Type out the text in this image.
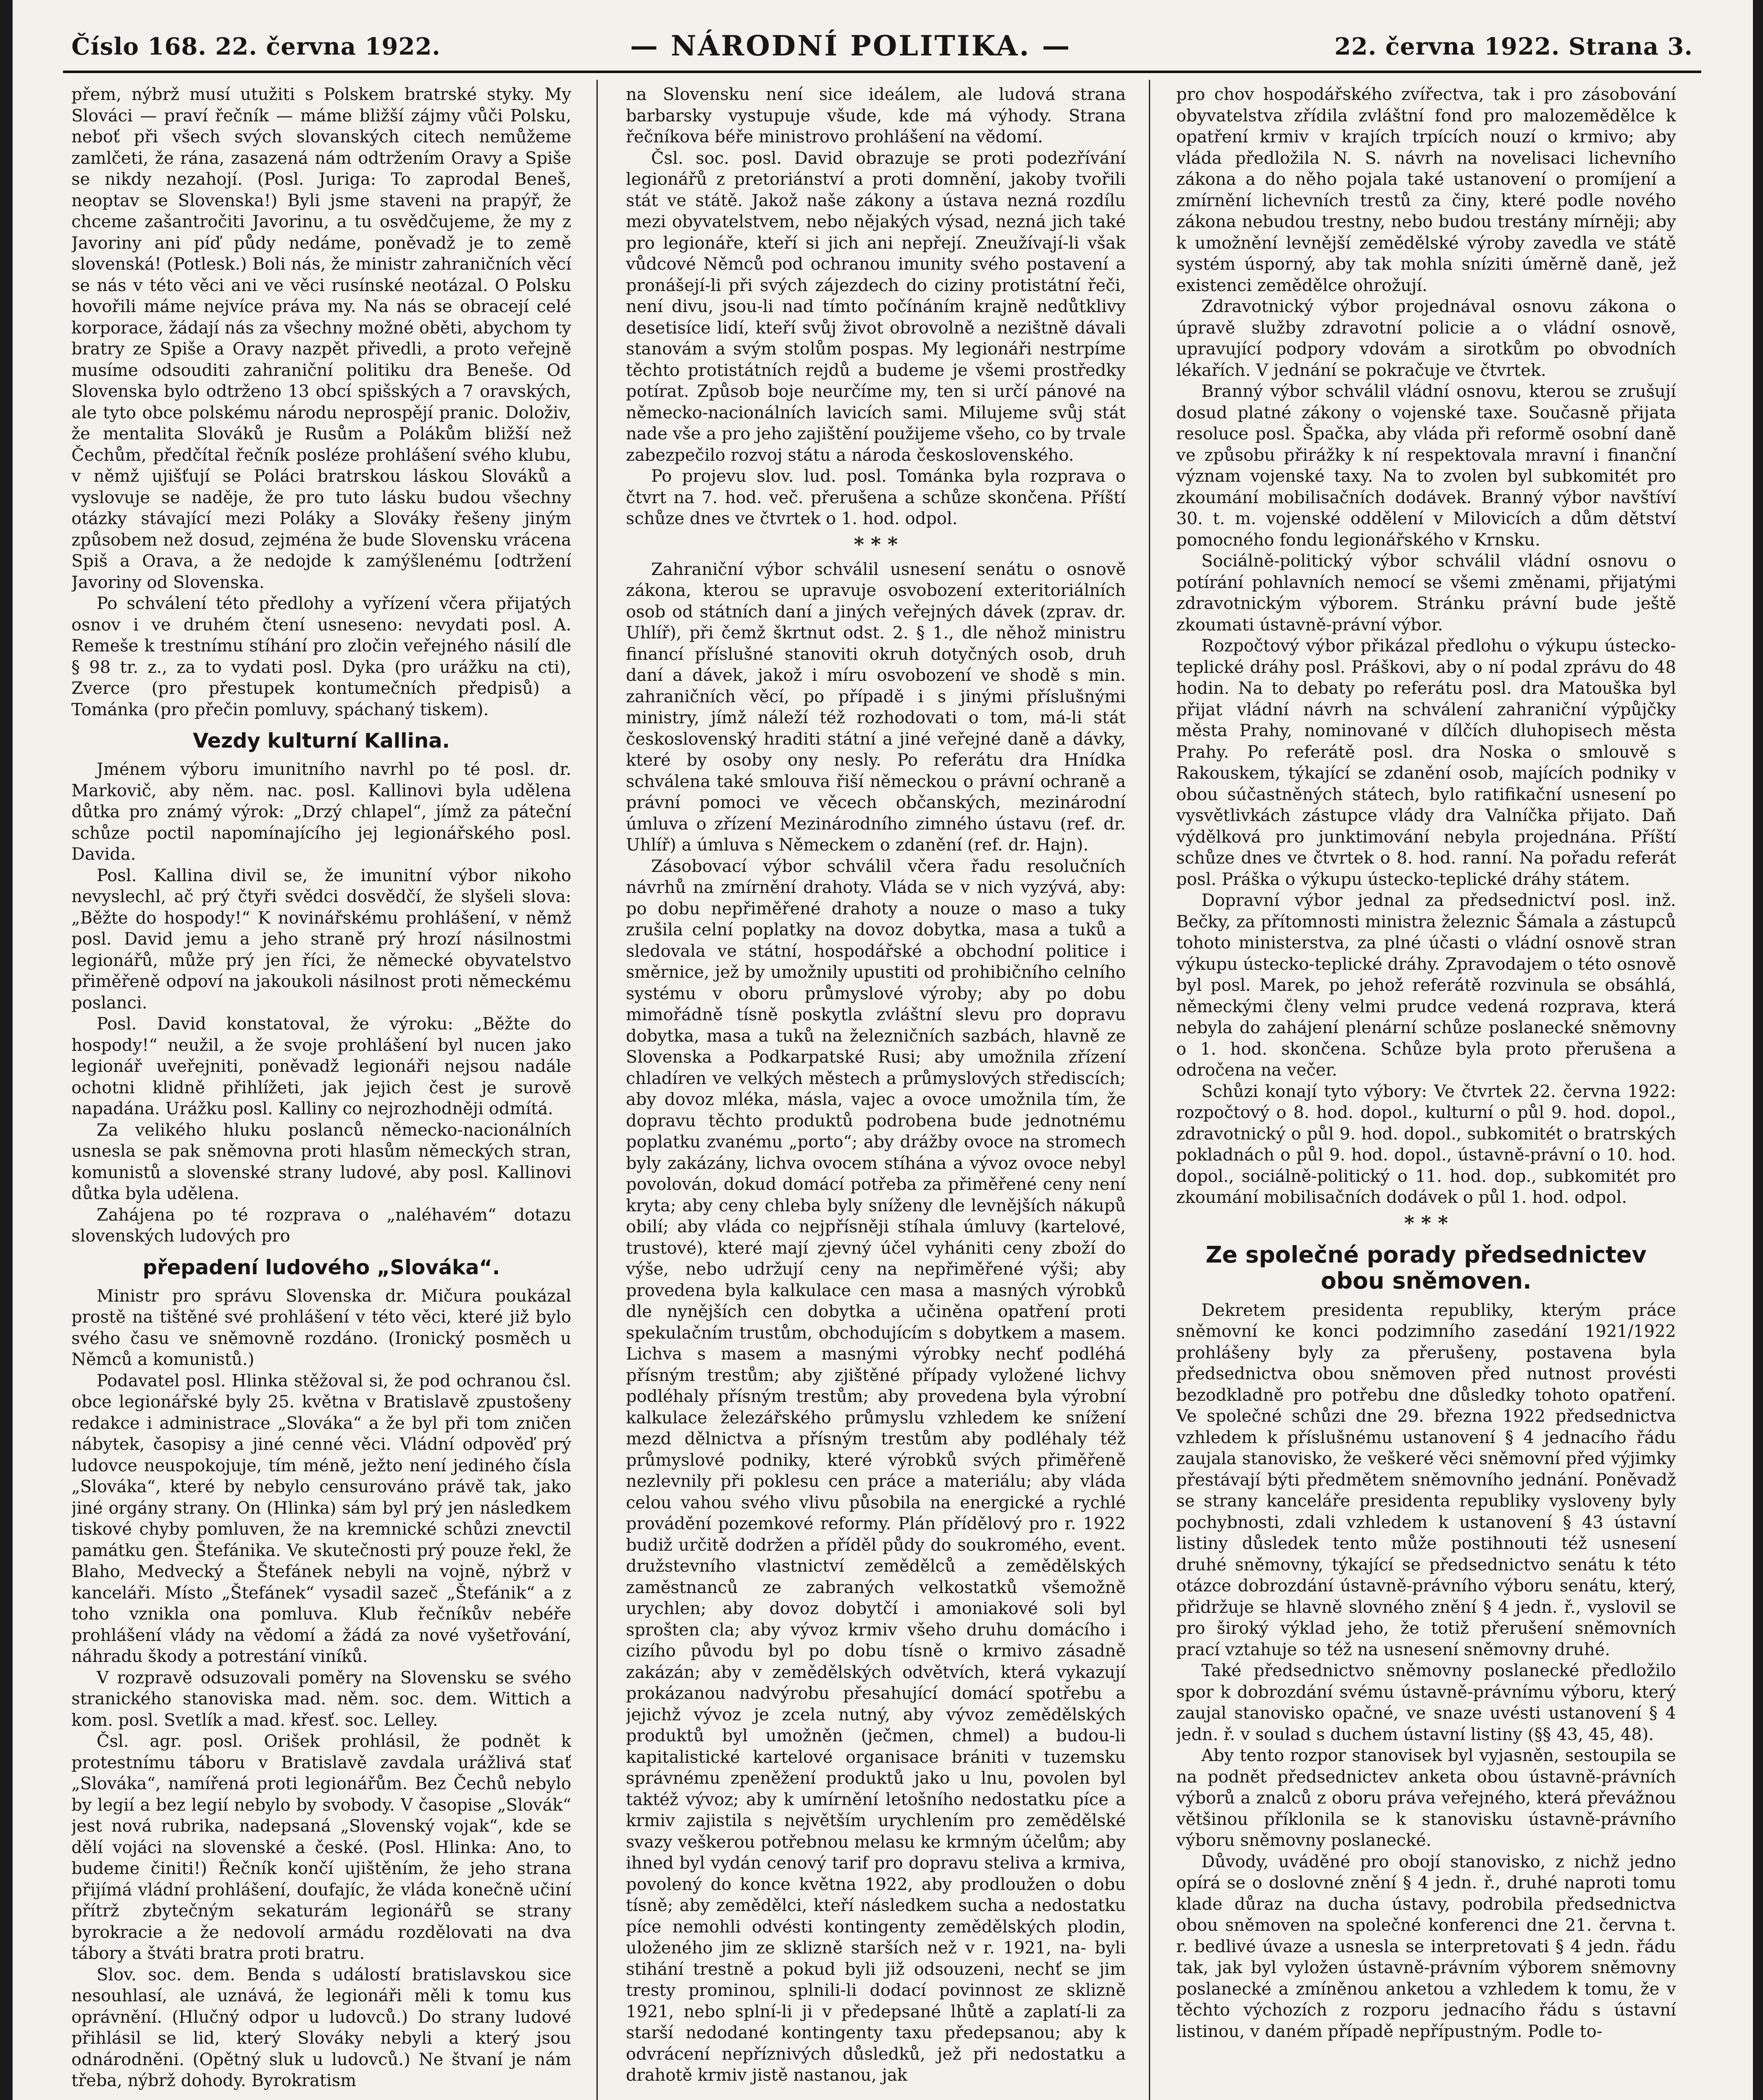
Číslo 168. 22. června 1922.	— NÁRODNÍ POLITIKA. —	22. června 1922. Strana 3.

přem, nýbrž musí utužiti s Polskem bratrské styky. My Slováci — praví řečník — máme bližší zájmy vůči Polsku, neboť při všech svých slovanských citech nemůžeme zamlčeti, že rána, zasazená nám odtržením Oravy a Spiše se nikdy nezahojí. (Posl. Juriga: To zaprodal Beneš, neoptav se Slovenska!) Byli jsme staveni na prapýř, že chceme zašantročiti Javorinu, a tu osvědčujeme, že my z Javoriny ani píď půdy nedáme, poněvadž je to země slovenská! (Potlesk.) Boli nás, že ministr zahraničních věcí se nás v této věci ani ve věci rusínské neotázal. O Polsku hovořili máme nejvíce práva my. Na nás se obracejí celé korporace, žádají nás za všechny možné oběti, abychom ty bratry ze Spiše a Oravy nazpět přivedli, a proto veřejně musíme odsouditi zahraniční politiku dra Beneše. Od Slovenska bylo odtrženo 13 obcí spišských a 7 oravských, ale tyto obce polskému národu neprospějí pranic. Doloživ, že mentalita Slováků je Rusům a Polákům bližší než Čechům, předčítal řečník posléze prohlášení svého klubu, v němž ujišťují se Poláci bratrskou láskou Slováků a vyslovuje se naděje, že pro tuto lásku budou všechny otázky stávající mezi Poláky a Slováky řešeny jiným způsobem než dosud, zejména že bude Slovensku vrácena Spiš a Orava, a že nedojde k zamýšlenému [odtržení Javoriny od Slovenska.

Po schválení této předlohy a vyřízení včera přijatých osnov i ve druhém čtení usneseno: nevydati posl. A. Remeše k trestnímu stíhání pro zločin veřejného násilí dle § 98 tr. z., za to vydati posl. Dyka (pro urážku na cti), Zverce (pro přestupek kontumečních předpisů) a Tománka (pro přečin pomluvy, spáchaný tiskem).

Vezdy kulturní Kallina.

Jménem výboru imunitního navrhl po té posl. dr. Markovič, aby něm. nac. posl. Kallinovi byla udělena důtka pro známý výrok: „Drzý chlapel“, jímž za páteční schůze poctil napomínajícího jej legionářského posl. Davida.

Posl. Kallina divil se, že imunitní výbor nikoho nevyslechl, ač prý čtyři svědci dosvědčí, že slyšeli slova: „Běžte do hospody!“ K novinářskému prohlášení, v němž posl. David jemu a jeho straně prý hrozí násilnostmi legionářů, může prý jen říci, že německé obyvatelstvo přiměřeně odpoví na jakoukoli násilnost proti německému poslanci.

Posl. David konstatoval, že výroku: „Běžte do hospody!“ neužil, a že svoje prohlášení byl nucen jako legionář uveřejniti, poněvadž legionáři nejsou nadále ochotni klidně přihlížeti, jak jejich čest je surově napadána. Urážku posl. Kalliny co nejrozhodněji odmítá.

Za velikého hluku poslanců německo-nacionálních usnesla se pak sněmovna proti hlasům německých stran, komunistů a slovenské strany ludové, aby posl. Kallinovi důtka byla udělena.

Zahájena po té rozprava o „naléhavém“ dotazu slovenských ludových pro

přepadení ludového „Slováka“.

Ministr pro správu Slovenska dr. Mičura poukázal prostě na tištěné své prohlášení v této věci, které již bylo svého času ve sněmovně rozdáno. (Ironický posměch u Němců a komunistů.)

Podavatel posl. Hlinka stěžoval si, že pod ochranou čsl. obce legionářské byly 25. května v Bratislavě zpustošeny redakce i administrace „Slováka“ a že byl při tom zničen nábytek, časopisy a jiné cenné věci. Vládní odpověď prý ludovce neuspokojuje, tím méně, ježto není jediného čísla „Slováka“, které by nebylo censurováno právě tak, jako jiné orgány strany. On (Hlinka) sám byl prý jen následkem tiskové chyby pomluven, že na kremnické schůzi znevctil památku gen. Štefánika. Ve skutečnosti prý pouze řekl, že Blaho, Medvecký a Štefánek nebyli na vojně, nýbrž v kanceláři. Místo „Štefánek“ vysadil sazeč „Štefánik“ a z toho vznikla ona pomluva. Klub řečníkův nebéře prohlášení vlády na vědomí a žádá za nové vyšetřování, náhradu škody a potrestání viníků.

V rozpravě odsuzovali poměry na Slovensku se svého stranického stanoviska mad. něm. soc. dem. Wittich a kom. posl. Svetlík a mad. křesť. soc. Lelley.

Čsl. agr. posl. Orišek prohlásil, že podnět k protestnímu táboru v Bratislavě zavdala urážlivá stať „Slováka“, namířená proti legionářům. Bez Čechů nebylo by legií a bez legií nebylo by svobody. V časopise „Slovák“ jest nová rubrika, nadepsaná „Slovenský vojak“, kde se dělí vojáci na slovenské a české. (Posl. Hlinka: Ano, to budeme činiti!) Řečník končí ujištěním, že jeho strana přijímá vládní prohlášení, doufajíc, že vláda konečně učiní přítrž zbytečným sekaturám legionářů se strany byrokracie a že nedovolí armádu rozdělovati na dva tábory a štváti bratra proti bratru.

Slov. soc. dem. Benda s událostí bratislavskou sice nesouhlasí, ale uznává, že legionáři měli k tomu kus oprávnění. (Hlučný odpor u ludovců.) Do strany ludové přihlásil se lid, který Slováky nebyli a který jsou odnárodněni. (Opětný sluk u ludovců.) Ne štvaní je nám třeba, nýbrž dohody. Byrokratism

na Slovensku není sice ideálem, ale ludová strana barbarsky vystupuje všude, kde má výhody. Strana řečníkova béře ministrovo prohlášení na vědomí.

Čsl. soc. posl. David obrazuje se proti podezřívání legionářů z pretoriánství a proti domnění, jakoby tvořili stát ve státě. Jakož naše zákony a ústava nezná rozdílu mezi obyvatelstvem, nebo nějakých výsad, nezná jich také pro legionáře, kteří si jich ani nepřejí. Zneužívají-li však vůdcové Němců pod ochranou imunity svého postavení a pronášejí-li při svých zájezdech do ciziny protistátní řeči, není divu, jsou-li nad tímto počínáním krajně nedůtklivy desetisíce lidí, kteří svůj život obrovolně a nezištně dávali stanovám a svým stolům pospas. My legionáři nestrpíme těchto protistátních rejdů a budeme je všemi prostředky potírat. Způsob boje neurčíme my, ten si určí pánové na německo-nacionálních lavicích sami. Milujeme svůj stát nade vše a pro jeho zajištění použijeme všeho, co by trvale zabezpečilo rozvoj státu a národa československého.

Po projevu slov. lud. posl. Tománka byla rozprava o čtvrt na 7. hod. več. přerušena a schůze skončena. Příští schůze dnes ve čtvrtek o 1. hod. odpol.

* * *

Zahraniční výbor schválil usnesení senátu o osnově zákona, kterou se upravuje osvobození exteritoriálních osob od státních daní a jiných veřejných dávek (zprav. dr. Uhlíř), při čemž škrtnut odst. 2. § 1., dle něhož ministru financí příslušné stanoviti okruh dotyčných osob, druh daní a dávek, jakož i míru osvobození ve shodě s min. zahraničních věcí, po případě i s jinými příslušnými ministry, jímž náleží též rozhodovati o tom, má-li stát československý hraditi státní a jiné veřejné daně a dávky, které by osoby ony nesly. Po referátu dra Hnídka schválena také smlouva řiší německou o právní ochraně a právní pomoci ve věcech občanských, mezinárodní úmluva o zřízení Mezinárodního zimného ústavu (ref. dr. Uhlíř) a úmluva s Německem o zdanění (ref. dr. Hajn).

Zásobovací výbor schválil včera řadu resolučních návrhů na zmírnění drahoty. Vláda se v nich vyzývá, aby: po dobu nepřiměřené drahoty a nouze o maso a tuky zrušila celní poplatky na dovoz dobytka, masa a tuků a sledovala ve státní, hospodářské a obchodní politice i směrnice, jež by umožnily upustiti od prohibičního celního systému v oboru průmyslové výroby; aby po dobu mimořádně tísně poskytla zvláštní slevu pro dopravu dobytka, masa a tuků na železničních sazbách, hlavně ze Slovenska a Podkarpatské Rusi; aby umožnila zřízení chladíren ve velkých městech a průmyslových střediscích; aby dovoz mléka, másla, vajec a ovoce umožnila tím, že dopravu těchto produktů podrobena bude jednotnému poplatku zvanému „porto“; aby drážby ovoce na stromech byly zakázány, lichva ovocem stíhána a vývoz ovoce nebyl povolován, dokud domácí potřeba za přiměřené ceny není kryta; aby ceny chleba byly sníženy dle levnějších nákupů obilí; aby vláda co nejpřísněji stíhala úmluvy (kartelové, trustové), které mají zjevný účel vyhániti ceny zboží do výše, nebo udržují ceny na nepřiměřené výši; aby provedena byla kalkulace cen masa a masných výrobků dle nynějších cen dobytka a učiněna opatření proti spekulačním trustům, obchodujícím s dobytkem a masem. Lichva s masem a masnými výrobky nechť podléhá přísným trestům; aby zjištěné případy vyložené lichvy podléhaly přísným trestům; aby provedena byla výrobní kalkulace železářského průmyslu vzhledem ke snížení mezd dělnictva a přísným trestům aby podléhaly též průmyslové podniky, které výrobků svých přiměřeně nezlevnily při poklesu cen práce a materiálu; aby vláda celou vahou svého vlivu působila na energické a rychlé provádění pozemkové reformy. Plán přídělový pro r. 1922 budiž určitě dodržen a příděl půdy do soukromého, event. družstevního vlastnictví zemědělců a zemědělských zaměstnanců ze zabraných velkostatků všemožně urychlen; aby dovoz dobytčí i amoniakové soli byl sprošten cla; aby vývoz krmiv všeho druhu domácího i cizího původu byl po dobu tísně o krmivo zásadně zakázán; aby v zemědělských odvětvích, která vykazují prokázanou nadvýrobu přesahující domácí spotřebu a jejichž vývoz je zcela nutný, aby vývoz zemědělských produktů byl umožněn (ječmen, chmel) a budou-li kapitalistické kartelové organisace brániti v tuzemsku správnému zpeněžení produktů jako u lnu, povolen byl taktéž vývoz; aby k umírnění letošního nedostatku píce a krmiv zajistila s největším urychlením pro zemědělské svazy veškerou potřebnou melasu ke krmným účelům; aby ihned byl vydán cenový tarif pro dopravu steliva a krmiva, povolený do konce května 1922, aby prodloužen o dobu tísně; aby zemědělci, kteří následkem sucha a nedostatku píce nemohli odvésti kontingenty zemědělských plodin, uloženého jim ze sklizně starších než v r. 1921, na- byli stihání trestně a pokud byli již odsouzeni, nechť se jim tresty prominou, splnili-li dodací povinnost ze sklizně 1921, nebo splní-li ji v předepsané lhůtě a zaplatí-li za starší nedodané kontingenty taxu předepsanou; aby k odvrácení nepříznivých důsledků, jež při nedostatku a drahotě krmiv jistě nastanou, jak

pro chov hospodářského zvířectva, tak i pro zásobování obyvatelstva zřídila zvláštní fond pro malozemědělce k opatření krmiv v krajích trpících nouzí o krmivo; aby vláda předložila N. S. návrh na novelisaci lichevního zákona a do něho pojala také ustanovení o promíjení a zmírnění lichevních trestů za činy, které podle nového zákona nebudou trestny, nebo budou trestány mírněji; aby k umožnění levnější zemědělské výroby zavedla ve státě systém úsporný, aby tak mohla sníziti úměrně daně, jež existenci zemědělce ohrožují.

Zdravotnický výbor projednával osnovu zákona o úpravě služby zdravotní policie a o vládní osnově, upravující podpory vdovám a sirotkům po obvodních lékařích. V jednání se pokračuje ve čtvrtek.

Branný výbor schválil vládní osnovu, kterou se zrušují dosud platné zákony o vojenské taxe. Současně přijata resoluce posl. Špačka, aby vláda při reformě osobní daně ve způsobu přirážky k ní respektovala mravní i finanční význam vojenské taxy. Na to zvolen byl subkomitét pro zkoumání mobilisačních dodávek. Branný výbor navštíví 30. t. m. vojenské oddělení v Milovicích a dům dětství pomocného fondu legionářského v Krnsku.

Sociálně-politický výbor schválil vládní osnovu o potírání pohlavních nemocí se všemi změnami, přijatými zdravotnickým výborem. Stránku právní bude ještě zkoumati ústavně-právní výbor.

Rozpočtový výbor přikázal předlohu o výkupu ústecko-teplické dráhy posl. Práškovi, aby o ní podal zprávu do 48 hodin. Na to debaty po referátu posl. dra Matouška byl přijat vládní návrh na schválení zahraniční výpůjčky města Prahy, nominované v dílčích dluhopisech města Prahy. Po referátě posl. dra Noska o smlouvě s Rakouskem, týkající se zdanění osob, majících podniky v obou súčastněných státech, bylo ratifikační usnesení po vysvětlivkách zástupce vlády dra Valníčka přijato. Daň výdělková pro junktimování nebyla projednána. Příští schůze dnes ve čtvrtek o 8. hod. ranní. Na pořadu referát posl. Práška o výkupu ústecko-teplické dráhy státem.

Dopravní výbor jednal za předsednictví posl. inž. Bečky, za přítomnosti ministra železnic Šámala a zástupců tohoto ministerstva, za plné účasti o vládní osnově stran výkupu ústecko-teplické dráhy. Zpravodajem o této osnově byl posl. Marek, po jehož referátě rozvinula se obsáhlá, německými členy velmi prudce vedená rozprava, která nebyla do zahájení plenární schůze poslanecké sněmovny o 1. hod. skončena. Schůze byla proto přerušena a odročena na večer.

Schůzi konají tyto výbory: Ve čtvrtek 22. června 1922: rozpočtový o 8. hod. dopol., kulturní o půl 9. hod. dopol., zdravotnický o půl 9. hod. dopol., subkomitét o bratrských pokladnách o půl 9. hod. dopol., ústavně-právní o 10. hod. dopol., sociálně-politický o 11. hod. dop., subkomitét pro zkoumání mobilisačních dodávek o půl 1. hod. odpol.

* * *
Ze společné porady předsednictev obou sněmoven.

Dekretem presidenta republiky, kterým práce sněmovní ke konci podzimního zasedání 1921/1922 prohlášeny byly za přerušeny, postavena byla předsednictva obou sněmoven před nutnost provésti bezodkladně pro potřebu dne důsledky tohoto opatření. Ve společné schůzi dne 29. března 1922 předsednictva vzhledem k příslušnému ustanovení § 4 jednacího řádu zaujala stanovisko, že veškeré věci sněmovní před výjimky přestávají býti předmětem sněmovního jednání. Poněvadž se strany kanceláře presidenta republiky vysloveny byly pochybnosti, zdali vzhledem k ustanovení § 43 ústavní listiny důsledek tento může postihnouti též usnesení druhé sněmovny, týkající se předsednictvo senátu k této otázce dobrozdání ústavně-právního výboru senátu, který, přidržuje se hlavně slovného znění § 4 jedn. ř., vyslovil se pro široký výklad jeho, že totiž přerušení sněmovních prací vztahuje so též na usnesení sněmovny druhé.

Také předsednictvo sněmovny poslanecké předložilo spor k dobrozdání svému ústavně-právnímu výboru, který zaujal stanovisko opačné, ve snaze uvésti ustanovení § 4 jedn. ř. v soulad s duchem ústavní listiny (§§ 43, 45, 48).

Aby tento rozpor stanovisek byl vyjasněn, sestoupila se na podnět předsednictev anketa obou ústavně-právních výborů a znalců z oboru práva veřejného, která převážnou většinou příklonila se k stanovisku ústavně-právního výboru sněmovny poslanecké.

Důvody, uváděné pro obojí stanovisko, z nichž jedno opírá se o doslovné znění § 4 jedn. ř., druhé naproti tomu klade důraz na ducha ústavy, podrobila předsednictva obou sněmoven na společné konferenci dne 21. června t. r. bedlivé úvaze a usnesla se interpretovati § 4 jedn. řádu tak, jak byl vyložen ústavně-právním výborem sněmovny poslanecké a zmíněnou anketou a vzhledem k tomu, že v těchto výchozích z rozporu jednacího řádu s ústavní listinou, v daném případě nepřípustným. Podle to-
